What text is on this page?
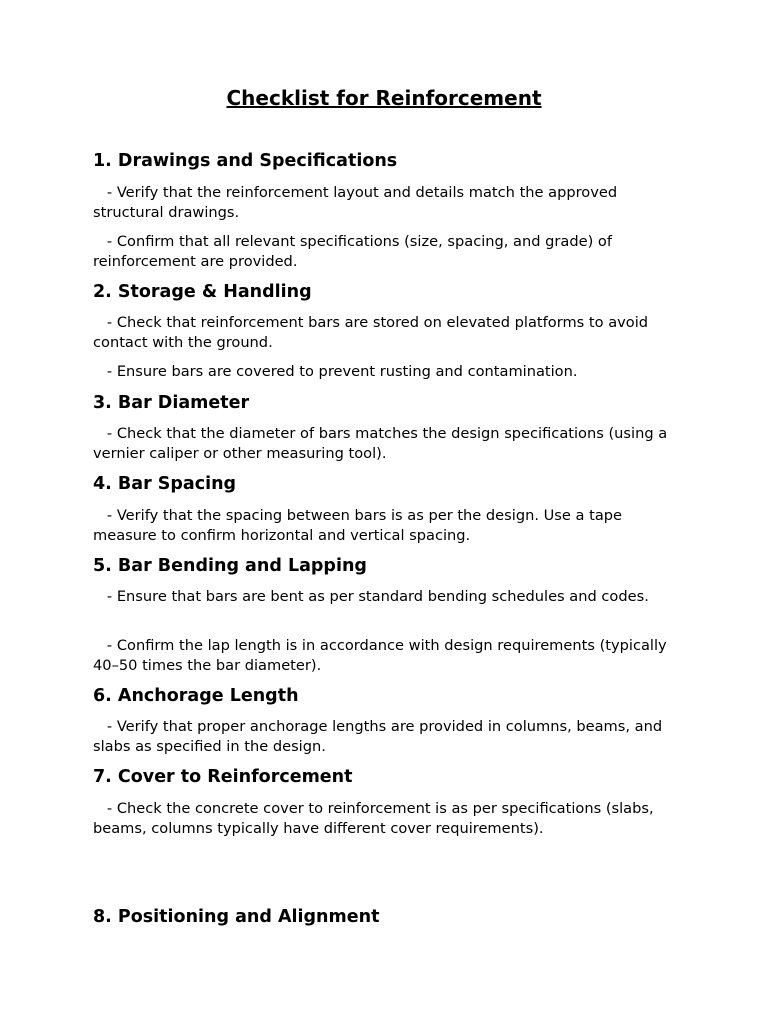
Checklist for Reinforcement
1. Drawings and Specifications

- Verify that the reinforcement layout and details match the approved structural drawings.

- Confirm that all relevant specifications (size, spacing, and grade) of reinforcement are provided.

2. Storage & Handling

- Check that reinforcement bars are stored on elevated platforms to avoid contact with the ground.

- Ensure bars are covered to prevent rusting and contamination.

3. Bar Diameter

- Check that the diameter of bars matches the design specifications (using a vernier caliper or other measuring tool).

4. Bar Spacing

- Verify that the spacing between bars is as per the design. Use a tape measure to confirm horizontal and vertical spacing.

5. Bar Bending and Lapping

- Ensure that bars are bent as per standard bending schedules and codes.

- Confirm the lap length is in accordance with design requirements (typically 40–50 times the bar diameter).

6. Anchorage Length

- Verify that proper anchorage lengths are provided in columns, beams, and slabs as specified in the design.

7. Cover to Reinforcement

- Check the concrete cover to reinforcement is as per specifications (slabs, beams, columns typically have different cover requirements).

8. Positioning and Alignment
